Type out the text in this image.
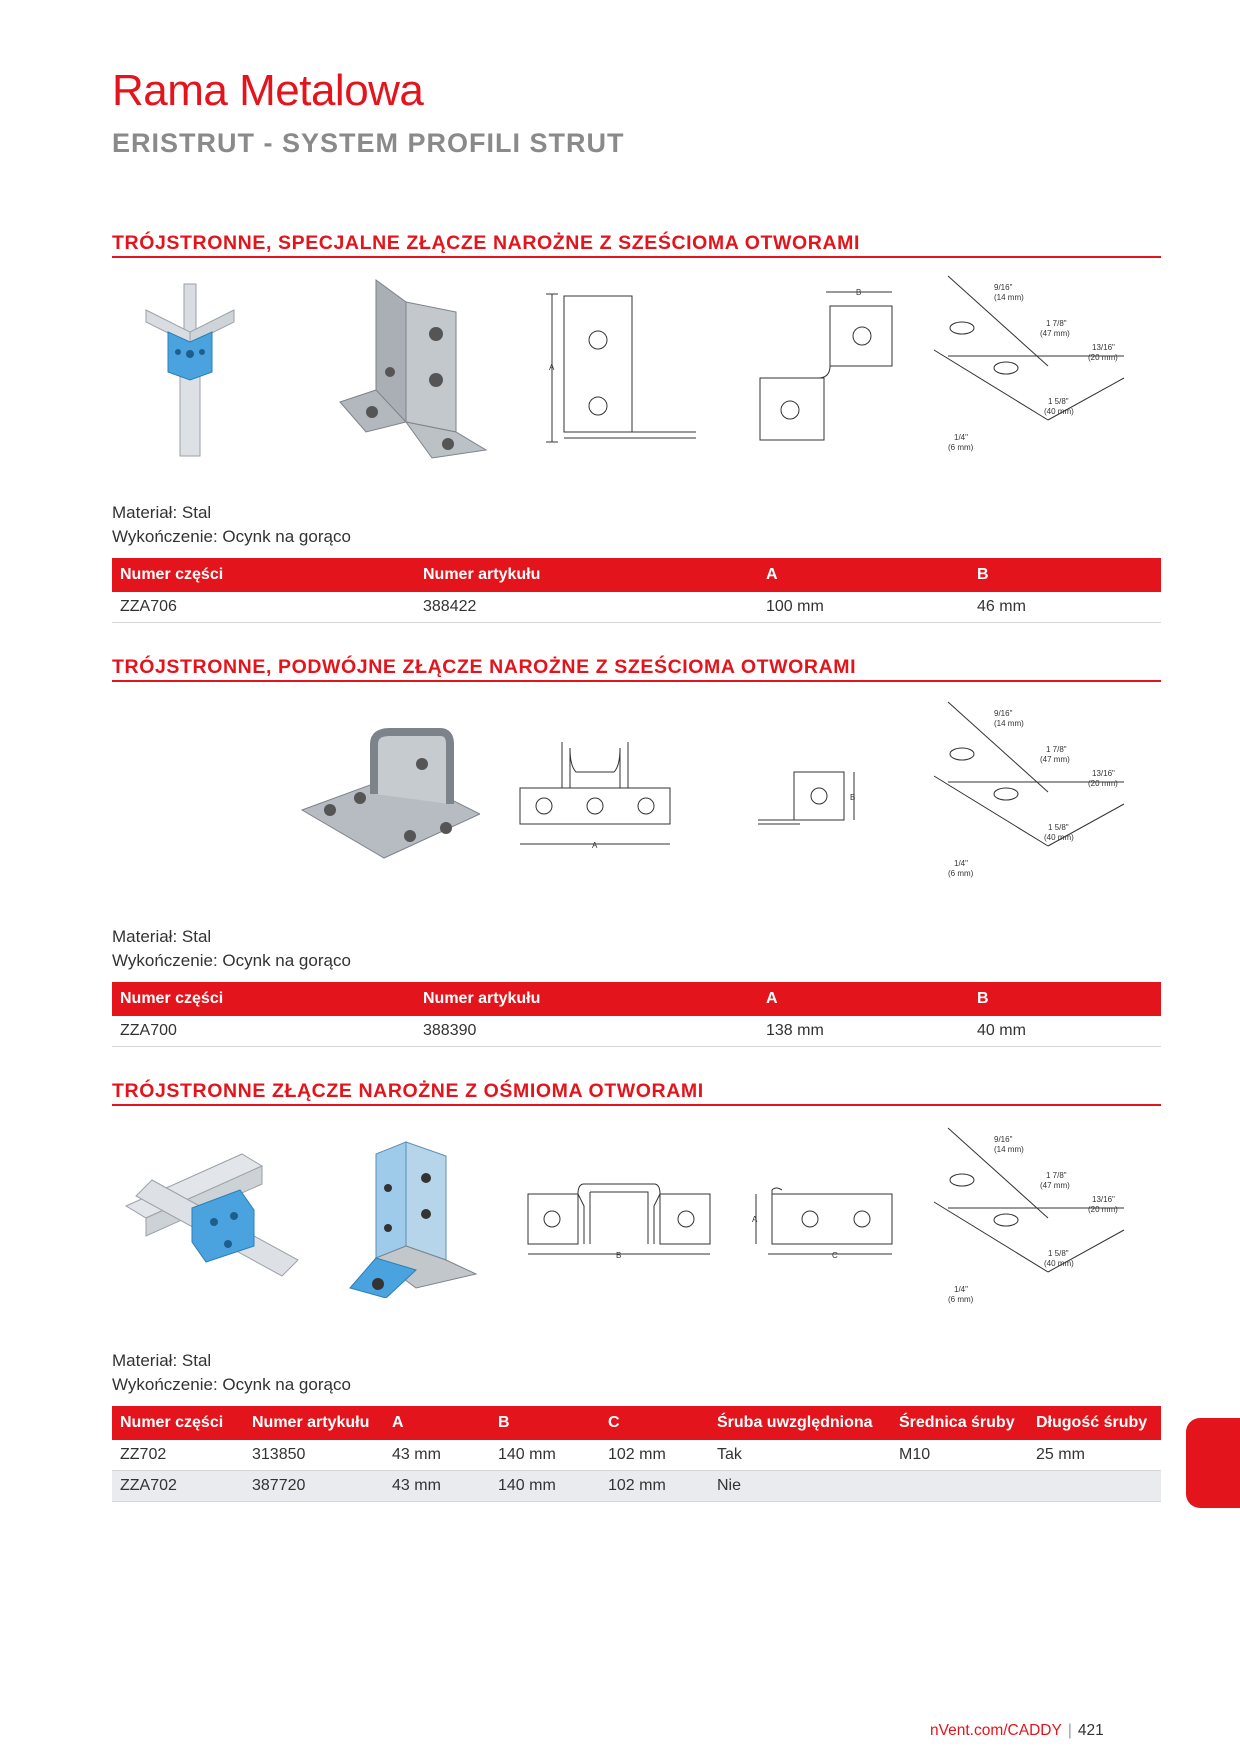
Rama Metalowa
ERISTRUT - SYSTEM PROFILI STRUT
TRÓJSTRONNE, SPECJALNE ZŁĄCZE NAROŻNE Z SZEŚCIOMA OTWORAMI
A
B
9/16"
(14 mm)
1 7/8"
(47 mm)
13/16"
(20 mm)
1 5/8"
(40 mm)
1/4"
(6 mm)
Materiał: Stal
Wykończenie: Ocynk na gorąco
Numer części	Numer artykułu	A	B
ZZA706	388422	100 mm	46 mm
TRÓJSTRONNE, PODWÓJNE ZŁĄCZE NAROŻNE Z SZEŚCIOMA OTWORAMI
A
B
9/16"
(14 mm)
1 7/8"
(47 mm)
13/16"
(20 mm)
1 5/8"
(40 mm)
1/4"
(6 mm)
Materiał: Stal
Wykończenie: Ocynk na gorąco
Numer części	Numer artykułu	A	B
ZZA700	388390	138 mm	40 mm
TRÓJSTRONNE ZŁĄCZE NAROŻNE Z OŚMIOMA OTWORAMI
B
A
C
9/16"
(14 mm)
1 7/8"
(47 mm)
13/16"
(20 mm)
1 5/8"
(40 mm)
1/4"
(6 mm)
Materiał: Stal
Wykończenie: Ocynk na gorąco
Numer części	Numer artykułu	A	B	C	Śruba uwzględniona	Średnica śruby	Długość śruby
ZZ702	313850	43 mm	140 mm	102 mm	Tak	M10	25 mm
ZZA702	387720	43 mm	140 mm	102 mm	Nie		
nVent.com/CADDY | 421
